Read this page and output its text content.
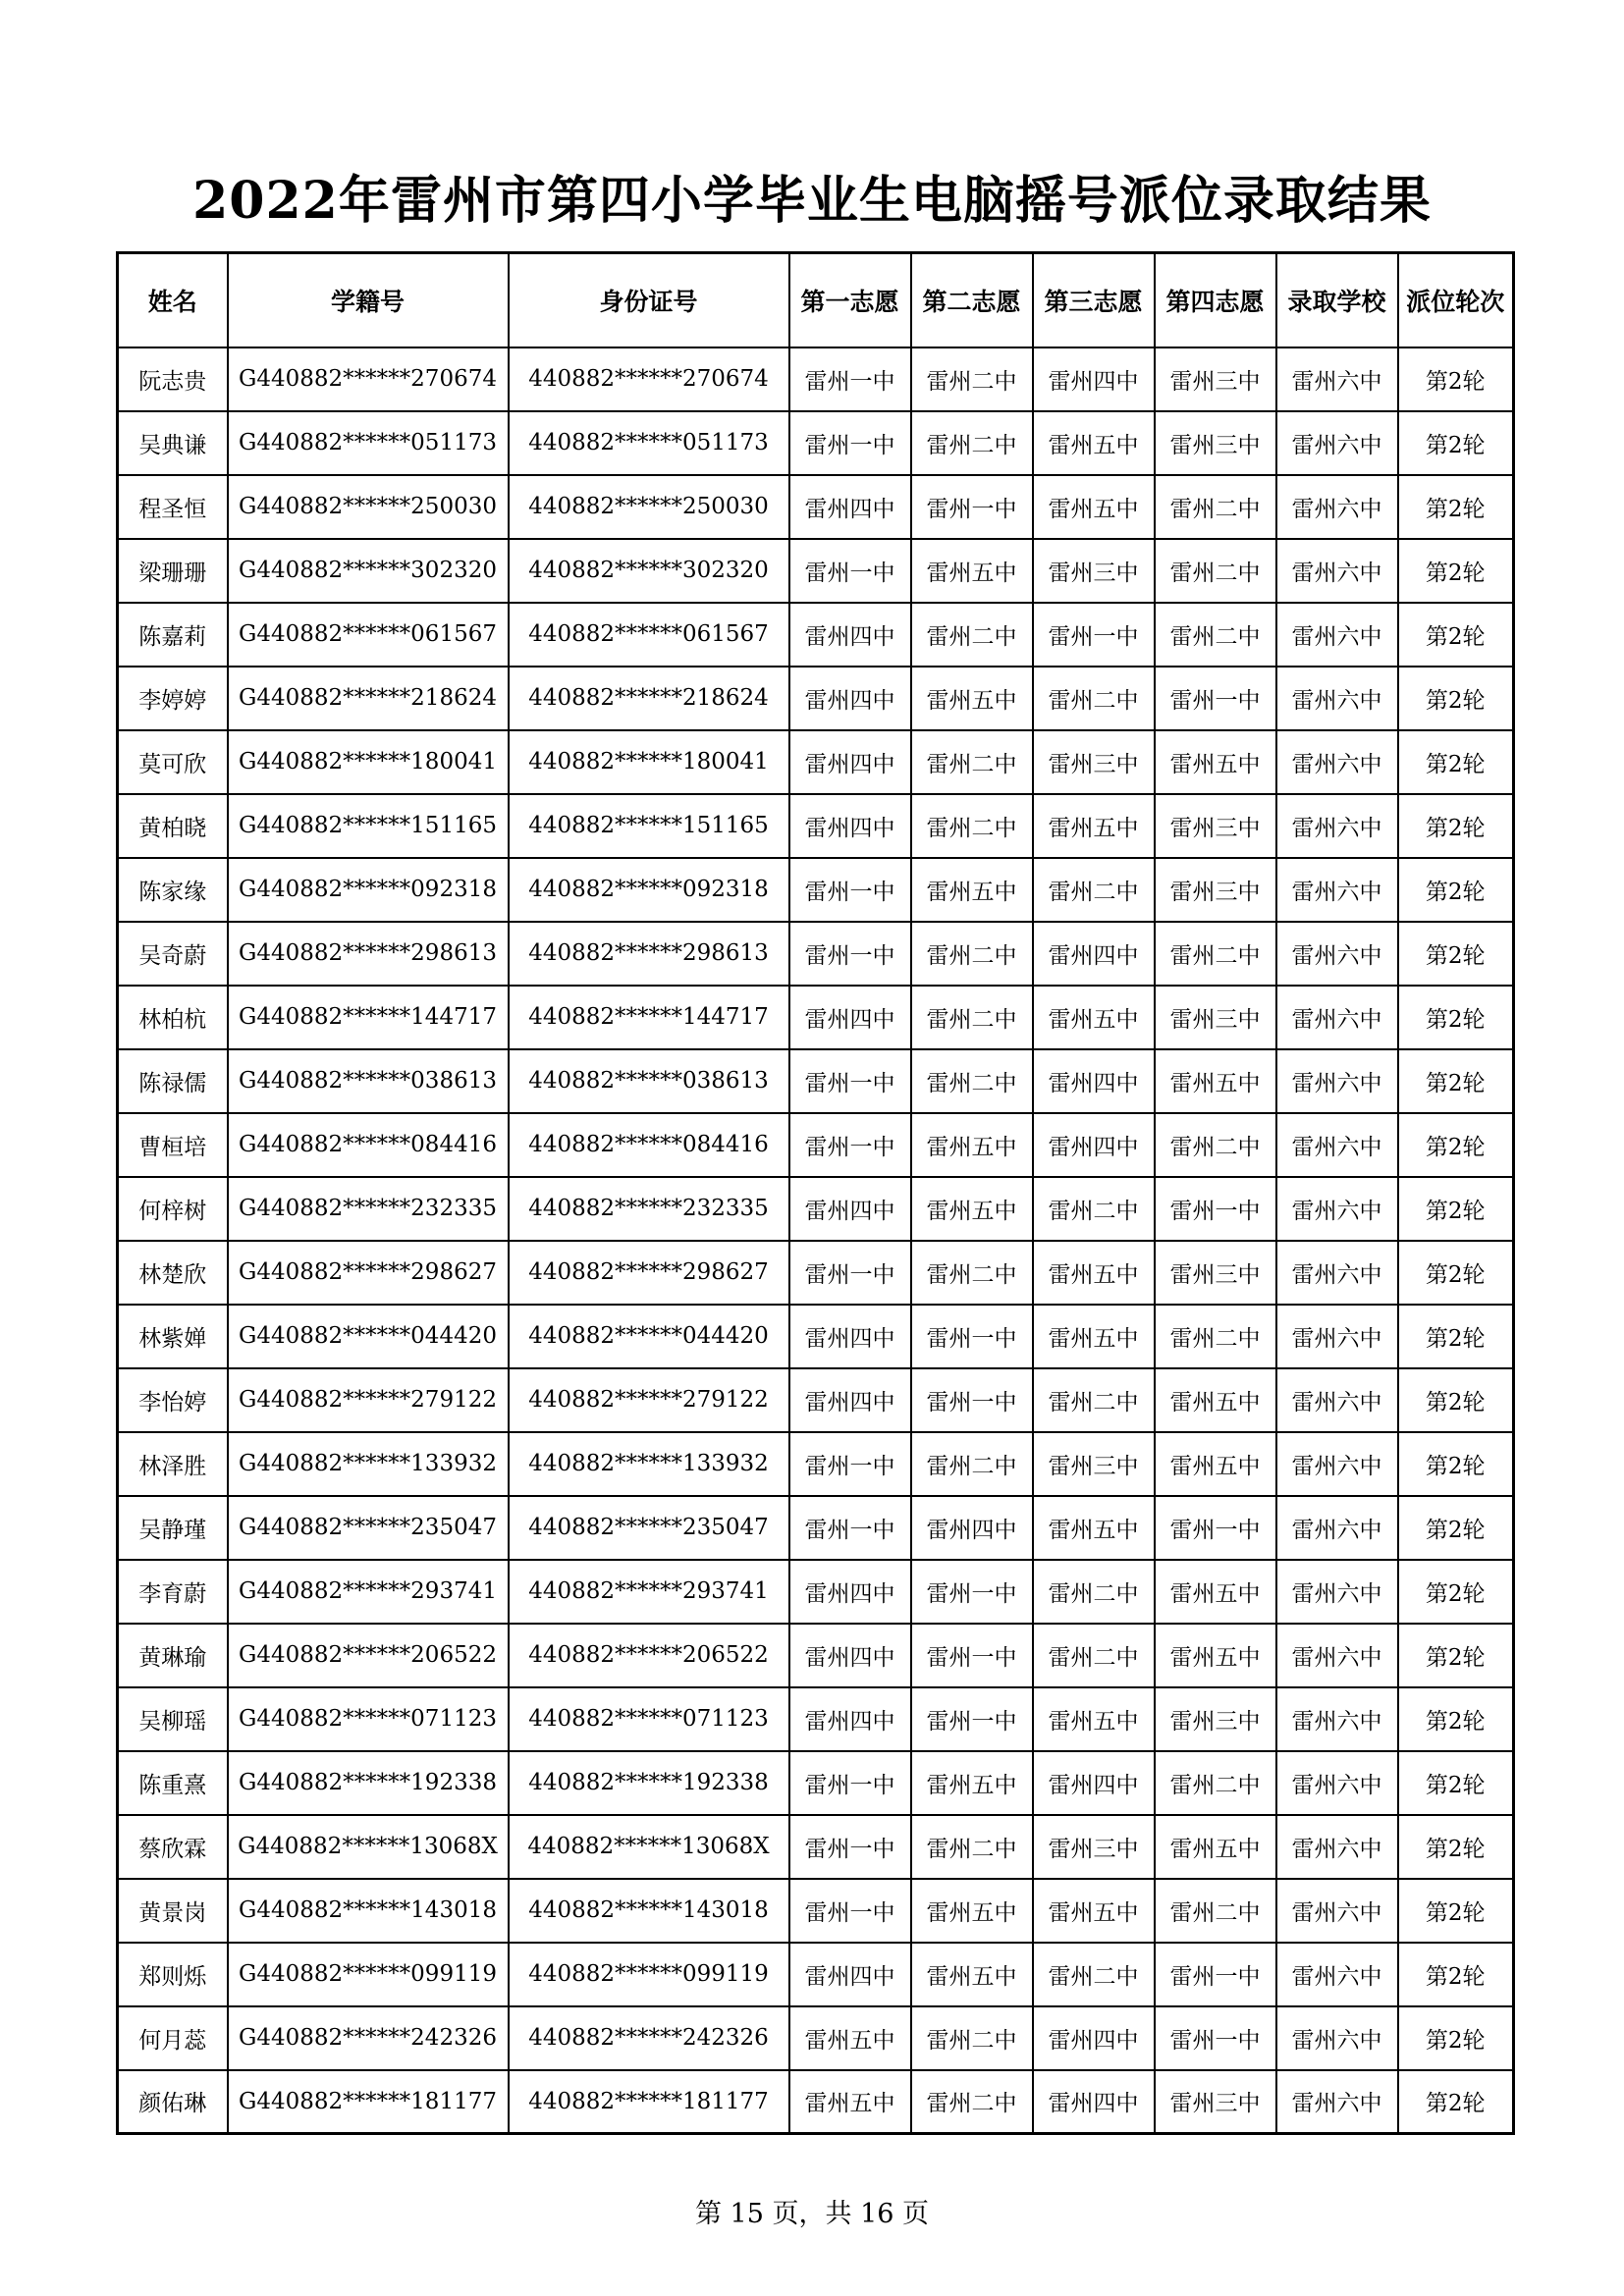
2022年雷州市第四小学毕业生电脑摇号派位录取结果
姓名	学籍号	身份证号	第一志愿	第二志愿	第三志愿	第四志愿	录取学校	派位轮次
阮志贵	G440882******270674	440882******270674	雷州一中	雷州二中	雷州四中	雷州三中	雷州六中	第2轮
吴典谦	G440882******051173	440882******051173	雷州一中	雷州二中	雷州五中	雷州三中	雷州六中	第2轮
程圣恒	G440882******250030	440882******250030	雷州四中	雷州一中	雷州五中	雷州二中	雷州六中	第2轮
梁珊珊	G440882******302320	440882******302320	雷州一中	雷州五中	雷州三中	雷州二中	雷州六中	第2轮
陈嘉莉	G440882******061567	440882******061567	雷州四中	雷州二中	雷州一中	雷州二中	雷州六中	第2轮
李婷婷	G440882******218624	440882******218624	雷州四中	雷州五中	雷州二中	雷州一中	雷州六中	第2轮
莫可欣	G440882******180041	440882******180041	雷州四中	雷州二中	雷州三中	雷州五中	雷州六中	第2轮
黄柏晓	G440882******151165	440882******151165	雷州四中	雷州二中	雷州五中	雷州三中	雷州六中	第2轮
陈家缘	G440882******092318	440882******092318	雷州一中	雷州五中	雷州二中	雷州三中	雷州六中	第2轮
吴奇蔚	G440882******298613	440882******298613	雷州一中	雷州二中	雷州四中	雷州二中	雷州六中	第2轮
林柏杭	G440882******144717	440882******144717	雷州四中	雷州二中	雷州五中	雷州三中	雷州六中	第2轮
陈禄儒	G440882******038613	440882******038613	雷州一中	雷州二中	雷州四中	雷州五中	雷州六中	第2轮
曹桓培	G440882******084416	440882******084416	雷州一中	雷州五中	雷州四中	雷州二中	雷州六中	第2轮
何梓树	G440882******232335	440882******232335	雷州四中	雷州五中	雷州二中	雷州一中	雷州六中	第2轮
林楚欣	G440882******298627	440882******298627	雷州一中	雷州二中	雷州五中	雷州三中	雷州六中	第2轮
林紫婵	G440882******044420	440882******044420	雷州四中	雷州一中	雷州五中	雷州二中	雷州六中	第2轮
李怡婷	G440882******279122	440882******279122	雷州四中	雷州一中	雷州二中	雷州五中	雷州六中	第2轮
林泽胜	G440882******133932	440882******133932	雷州一中	雷州二中	雷州三中	雷州五中	雷州六中	第2轮
吴静瑾	G440882******235047	440882******235047	雷州一中	雷州四中	雷州五中	雷州一中	雷州六中	第2轮
李育蔚	G440882******293741	440882******293741	雷州四中	雷州一中	雷州二中	雷州五中	雷州六中	第2轮
黄琳瑜	G440882******206522	440882******206522	雷州四中	雷州一中	雷州二中	雷州五中	雷州六中	第2轮
吴柳瑶	G440882******071123	440882******071123	雷州四中	雷州一中	雷州五中	雷州三中	雷州六中	第2轮
陈重熹	G440882******192338	440882******192338	雷州一中	雷州五中	雷州四中	雷州二中	雷州六中	第2轮
蔡欣霖	G440882******13068X	440882******13068X	雷州一中	雷州二中	雷州三中	雷州五中	雷州六中	第2轮
黄景岗	G440882******143018	440882******143018	雷州一中	雷州五中	雷州五中	雷州二中	雷州六中	第2轮
郑则烁	G440882******099119	440882******099119	雷州四中	雷州五中	雷州二中	雷州一中	雷州六中	第2轮
何月蕊	G440882******242326	440882******242326	雷州五中	雷州二中	雷州四中	雷州一中	雷州六中	第2轮
颜佑琳	G440882******181177	440882******181177	雷州五中	雷州二中	雷州四中	雷州三中	雷州六中	第2轮
第 15 页，共 16 页
